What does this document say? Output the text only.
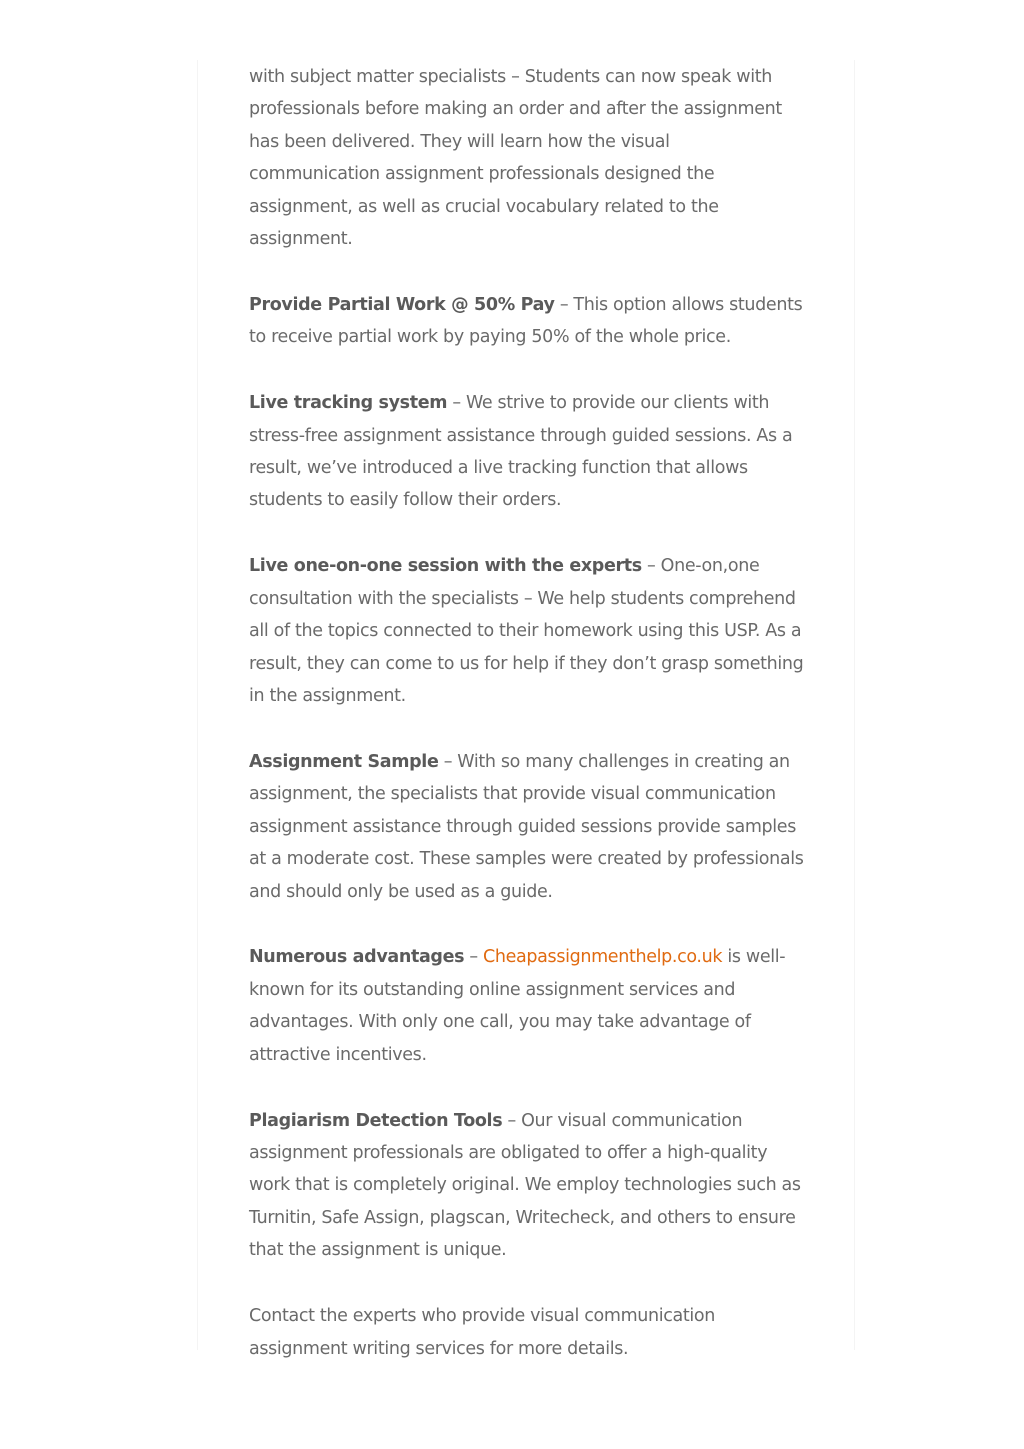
with subject matter specialists – Students can now speak with professionals before making an order and after the assignment has been delivered. They will learn how the visual communication assignment professionals designed the assignment, as well as crucial vocabulary related to the assignment.

Provide Partial Work @ 50% Pay – This option allows students to receive partial work by paying 50% of the whole price.

Live tracking system – We strive to provide our clients with stress-free assignment assistance through guided sessions. As a result, we’ve introduced a live tracking function that allows students to easily follow their orders.

Live one-on-one session with the experts – One-on,one consultation with the specialists – We help students comprehend all of the topics connected to their homework using this USP. As a result, they can come to us for help if they don’t grasp something in the assignment.

Assignment Sample – With so many challenges in creating an assignment, the specialists that provide visual communication assignment assistance through guided sessions provide samples at a moderate cost. These samples were created by professionals and should only be used as a guide.

Numerous advantages – Cheapassignmenthelp.co.uk is well-known for its outstanding online assignment services and advantages. With only one call, you may take advantage of attractive incentives.

Plagiarism Detection Tools – Our visual communication assignment professionals are obligated to offer a high-quality work that is completely original. We employ technologies such as Turnitin, Safe Assign, plagscan, Writecheck, and others to ensure that the assignment is unique.

Contact the experts who provide visual communication assignment writing services for more details.
